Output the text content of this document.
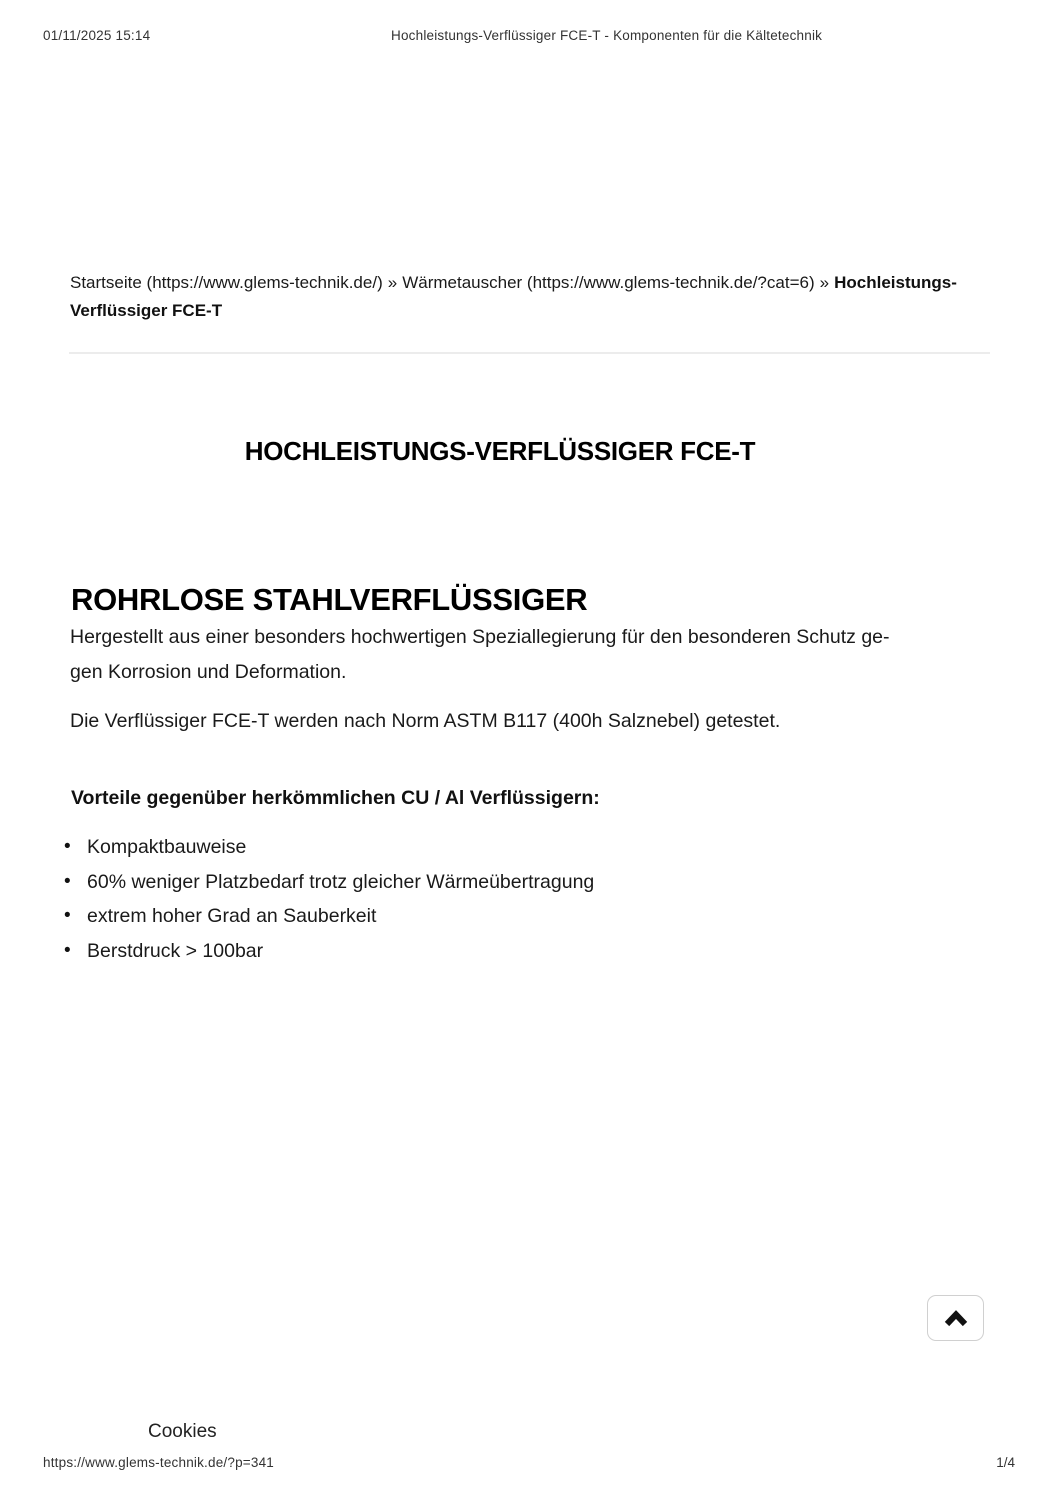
01/11/2025 15:14	Hochleistungs-Verflüssiger FCE-T - Komponenten für die Kältetechnik
Startseite (https://www.glems-technik.de/) » Wärmetauscher (https://www.glems-technik.de/?cat=6) » Hochleistungs-
Verflüssiger FCE-T
HOCHLEISTUNGS-VERFLÜSSIGER FCE-T
ROHRLOSE STAHLVERFLÜSSIGER

Hergestellt aus einer besonders hochwertigen Speziallegierung für den besonderen Schutz ge-
gen Korrosion und Deformation.

Die Verflüssiger FCE-T werden nach Norm ASTM B117 (400h Salznebel) getestet.

Vorteile gegenüber herkömmlichen CU / Al Verflüssigern:
• Kompaktbauweise
• 60% weniger Platzbedarf trotz gleicher Wärmeübertragung
• extrem hoher Grad an Sauberkeit
• Berstdruck > 100bar
Cookies
https://www.glems-technik.de/?p=341	1/4
